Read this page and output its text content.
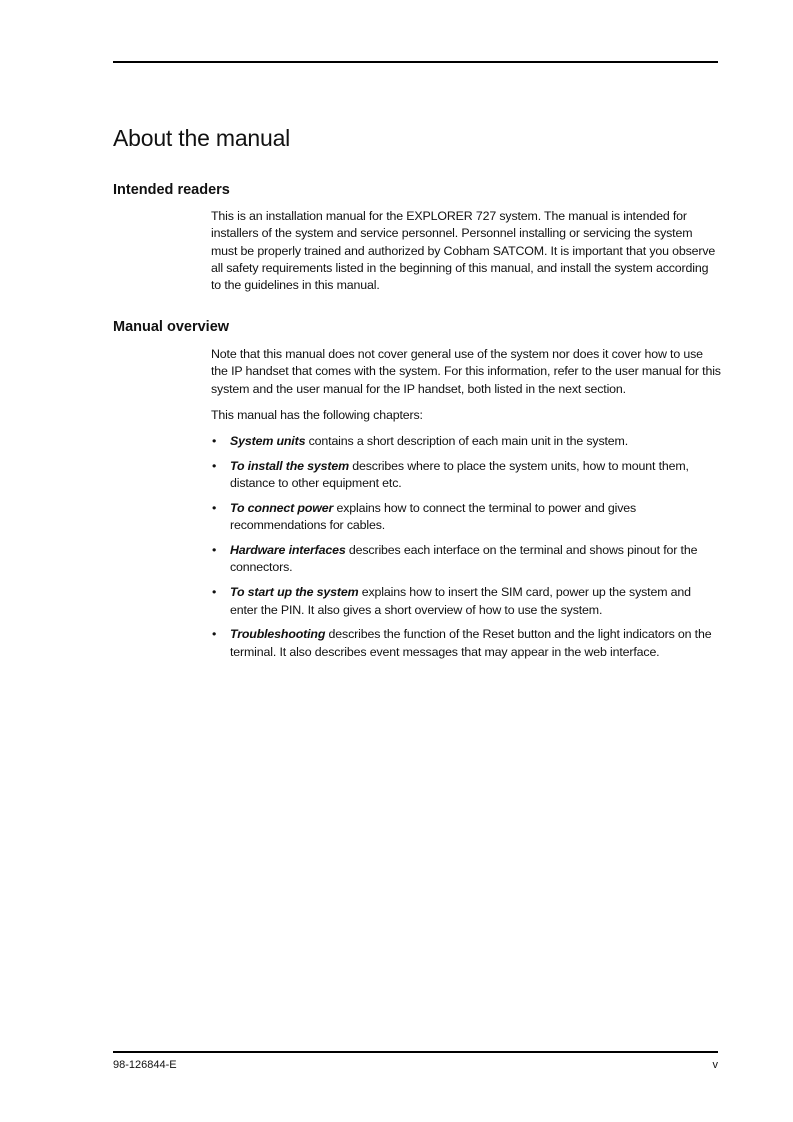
About the manual
Intended readers

This is an installation manual for the EXPLORER 727 system. The manual is intended for installers of the system and service personnel. Personnel installing or servicing the system must be properly trained and authorized by Cobham SATCOM. It is important that you observe all safety requirements listed in the beginning of this manual, and install the system according to the guidelines in this manual.

Manual overview

Note that this manual does not cover general use of the system nor does it cover how to use the IP handset that comes with the system. For this information, refer to the user manual for this system and the user manual for the IP handset, both listed in the next section.

This manual has the following chapters:

• System units contains a short description of each main unit in the system.
• To install the system describes where to place the system units, how to mount them, distance to other equipment etc.
• To connect power explains how to connect the terminal to power and gives recommendations for cables.
• Hardware interfaces describes each interface on the terminal and shows pinout for the connectors.
• To start up the system explains how to insert the SIM card, power up the system and enter the PIN. It also gives a short overview of how to use the system.
• Troubleshooting describes the function of the Reset button and the light indicators on the terminal. It also describes event messages that may appear in the web interface.
98-126844-E	v
